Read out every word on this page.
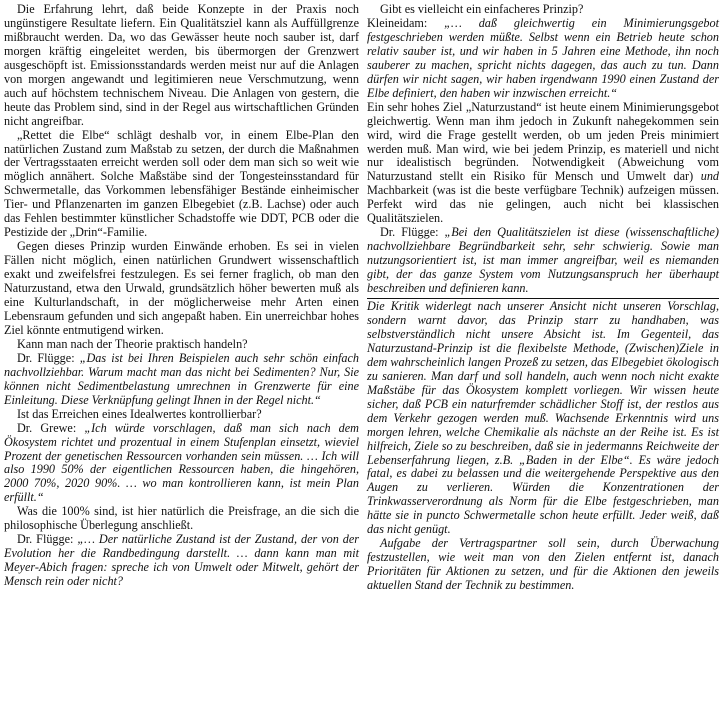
Die Erfahrung lehrt, daß beide Konzepte in der Praxis noch ungünstigere Resultate liefern. Ein Qualitätsziel kann als Auffüllgrenze mißbraucht werden. Da, wo das Gewässer heute noch sauber ist, darf morgen kräftig eingeleitet werden, bis übermorgen der Grenzwert ausgeschöpft ist. Emissionsstandards werden meist nur auf die Anlagen von morgen angewandt und legitimieren neue Verschmutzung, wenn auch auf höchstem technischem Niveau. Die Anlagen von gestern, die heute das Problem sind, sind in der Regel aus wirtschaftlichen Gründen nicht angreifbar.

„Rettet die Elbe“ schlägt deshalb vor, in einem Elbe-Plan den natürlichen Zustand zum Maßstab zu setzen, der durch die Maßnahmen der Vertragsstaaten erreicht werden soll oder dem man sich so weit wie möglich annähert. Solche Maßstäbe sind der Tongesteinsstandard für Schwermetalle, das Vorkommen lebensfähiger Bestände einheimischer Tier- und Pflanzenarten im ganzen Elbegebiet (z.B. Lachse) oder auch das Fehlen bestimmter künstlicher Schadstoffe wie DDT, PCB oder die Pestizide der „Drin“-Familie.

Gegen dieses Prinzip wurden Einwände erhoben. Es sei in vielen Fällen nicht möglich, einen natürlichen Grundwert wissenschaftlich exakt und zweifelsfrei festzulegen. Es sei ferner fraglich, ob man den Naturzustand, etwa den Urwald, grundsätzlich höher bewerten muß als eine Kulturlandschaft, in der möglicherweise mehr Arten einen Lebensraum gefunden und sich angepaßt haben. Ein unerreichbar hohes Ziel könnte entmutigend wirken.

Kann man nach der Theorie praktisch handeln?

Dr. Flügge: „Das ist bei Ihren Beispielen auch sehr schön einfach nachvollziehbar. Warum macht man das nicht bei Sedimenten? Nur, Sie können nicht Sedimentbelastung umrechnen in Grenzwerte für eine Einleitung. Diese Verknüpfung gelingt Ihnen in der Regel nicht.“

Ist das Erreichen eines Idealwertes kontrollierbar?

Dr. Grewe: „Ich würde vorschlagen, daß man sich nach dem Ökosystem richtet und prozentual in einem Stufenplan einsetzt, wieviel Prozent der genetischen Ressourcen vorhanden sein müssen. … Ich will also 1990 50% der eigentlichen Ressourcen haben, die hingehören, 2000 70%, 2020 90%. … wo man kontrollieren kann, ist mein Plan erfüllt.“

Was die 100% sind, ist hier natürlich die Preisfrage, an die sich die philosophische Überlegung anschließt.

Dr. Flügge: „… Der natürliche Zustand ist der Zustand, der von der Evolution her die Randbedingung darstellt. … dann kann man mit Meyer-Abich fragen: spreche ich von Umwelt oder Mitwelt, gehört der Mensch rein oder nicht?

Gibt es vielleicht ein einfacheres Prinzip?

Kleineidam: „… daß gleichwertig ein Minimierungsgebot festgeschrieben werden müßte. Selbst wenn ein Betrieb heute schon relativ sauber ist, und wir haben in 5 Jahren eine Methode, ihn noch sauberer zu machen, spricht nichts dagegen, das auch zu tun. Dann dürfen wir nicht sagen, wir haben irgendwann 1990 einen Zustand der Elbe definiert, den haben wir inzwischen erreicht.“

Ein sehr hohes Ziel „Naturzustand“ ist heute einem Minimierungsgebot gleichwertig. Wenn man ihm jedoch in Zukunft nahegekommen sein wird, wird die Frage gestellt werden, ob um jeden Preis minimiert werden muß. Man wird, wie bei jedem Prinzip, es materiell und nicht nur idealistisch begründen. Notwendigkeit (Abweichung vom Naturzustand stellt ein Risiko für Mensch und Umwelt dar) und Machbarkeit (was ist die beste verfügbare Technik) aufzeigen müssen. Perfekt wird das nie gelingen, auch nicht bei klassischen Qualitätszielen.

Dr. Flügge: „Bei den Qualitätszielen ist diese (wissenschaftliche) nachvollziehbare Begründbarkeit sehr, sehr schwierig. Sowie man nutzungsorientiert ist, ist man immer angreifbar, weil es niemanden gibt, der das ganze System vom Nutzungsanspruch her überhaupt beschreiben und definieren kann.

Die Kritik widerlegt nach unserer Ansicht nicht unseren Vorschlag, sondern warnt davor, das Prinzip starr zu handhaben, was selbstverständlich nicht unsere Absicht ist. Im Gegenteil, das Naturzustand-Prinzip ist die flexibelste Methode, (Zwischen)Ziele in dem wahrscheinlich langen Prozeß zu setzen, das Elbegebiet ökologisch zu sanieren. Man darf und soll handeln, auch wenn noch nicht exakte Maßstäbe für das Ökosystem komplett vorliegen. Wir wissen heute sicher, daß PCB ein naturfremder schädlicher Stoff ist, der restlos aus dem Verkehr gezogen werden muß. Wachsende Erkenntnis wird uns morgen lehren, welche Chemikalie als nächste an der Reihe ist. Es ist hilfreich, Ziele so zu beschreiben, daß sie in jedermanns Reichweite der Lebenserfahrung liegen, z.B. „Baden in der Elbe“. Es wäre jedoch fatal, es dabei zu belassen und die weitergehende Perspektive aus den Augen zu verlieren. Würden die Konzentrationen der Trinkwasserverordnung als Norm für die Elbe festgeschrieben, man hätte sie in puncto Schwermetalle schon heute erfüllt. Jeder weiß, daß das nicht genügt.

Aufgabe der Vertragspartner soll sein, durch Überwachung festzustellen, wie weit man von den Zielen entfernt ist, danach Prioritäten für Aktionen zu setzen, und für die Aktionen den jeweils aktuellen Stand der Technik zu bestimmen.
